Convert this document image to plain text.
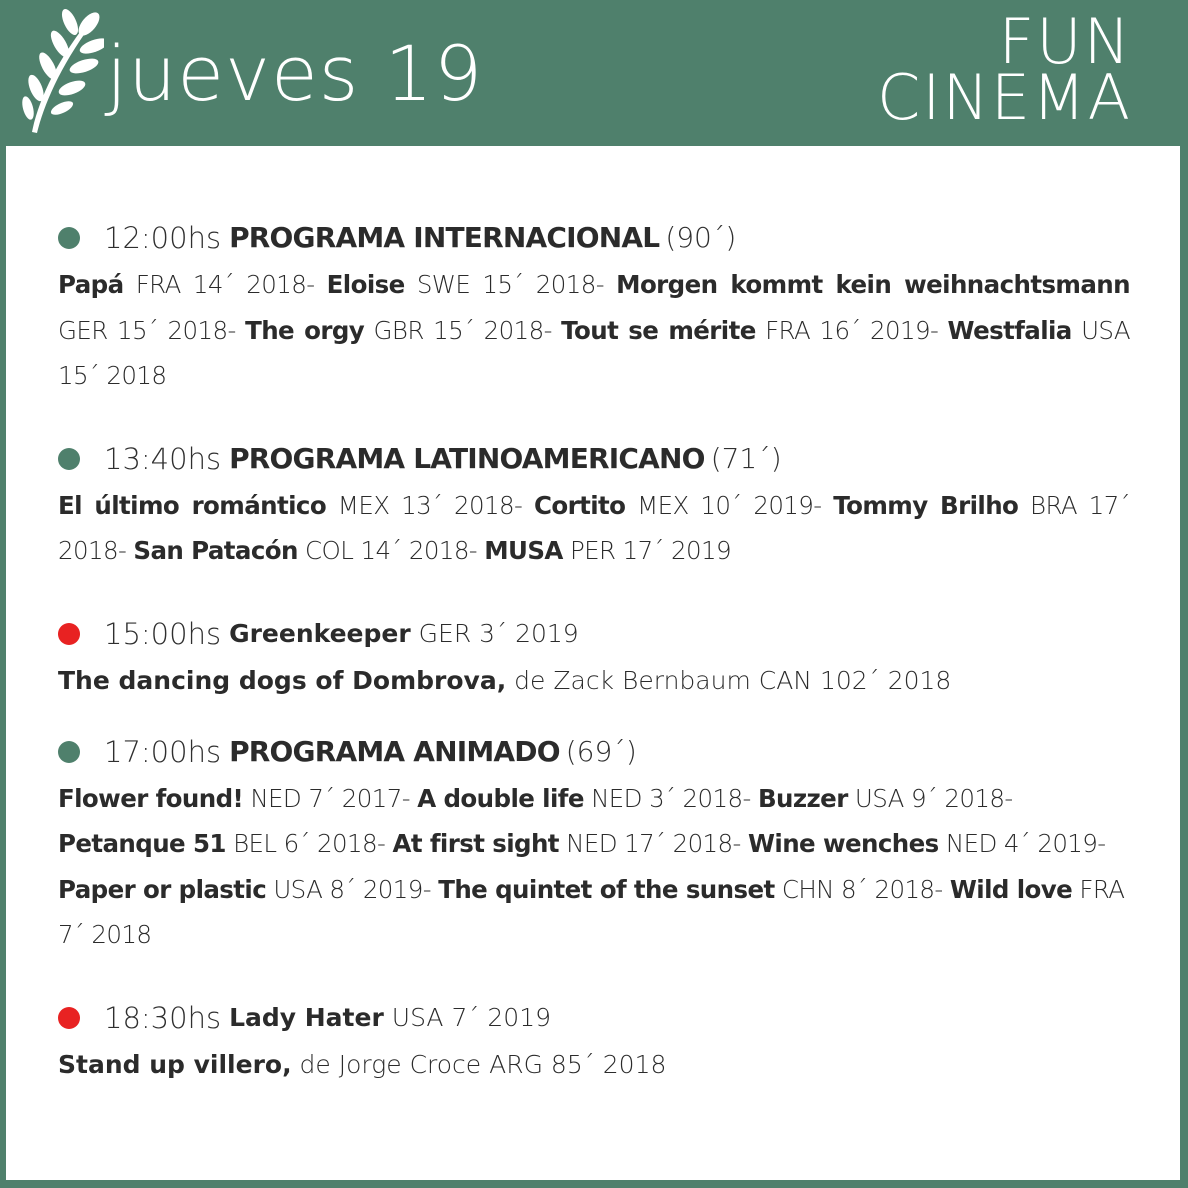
jueves 19	FUN
CINEMA
12:00hs PROGRAMA INTERNACIONAL (90´)
Papá FRA 14´ 2018- Eloise SWE 15´ 2018- Morgen kommt kein weihnachtsmann GER 15´ 2018- The orgy GBR 15´ 2018- Tout se mérite FRA 16´ 2019- Westfalia USA 15´ 2018
13:40hs PROGRAMA LATINOAMERICANO (71´)
El último romántico MEX 13´ 2018- Cortito MEX 10´ 2019- Tommy Brilho BRA 17´ 2018- San Patacón COL 14´ 2018- MUSA PER 17´ 2019
15:00hs Greenkeeper GER 3´ 2019
The dancing dogs of Dombrova, de Zack Bernbaum CAN 102´ 2018
17:00hs PROGRAMA ANIMADO (69´)
Flower found! NED 7´ 2017- A double life NED 3´ 2018- Buzzer USA 9´ 2018- Petanque 51 BEL 6´ 2018- At first sight NED 17´ 2018- Wine wenches NED 4´ 2019- Paper or plastic USA 8´ 2019- The quintet of the sunset CHN 8´ 2018- Wild love FRA 7´ 2018
18:30hs Lady Hater USA 7´ 2019
Stand up villero, de Jorge Croce ARG 85´ 2018
